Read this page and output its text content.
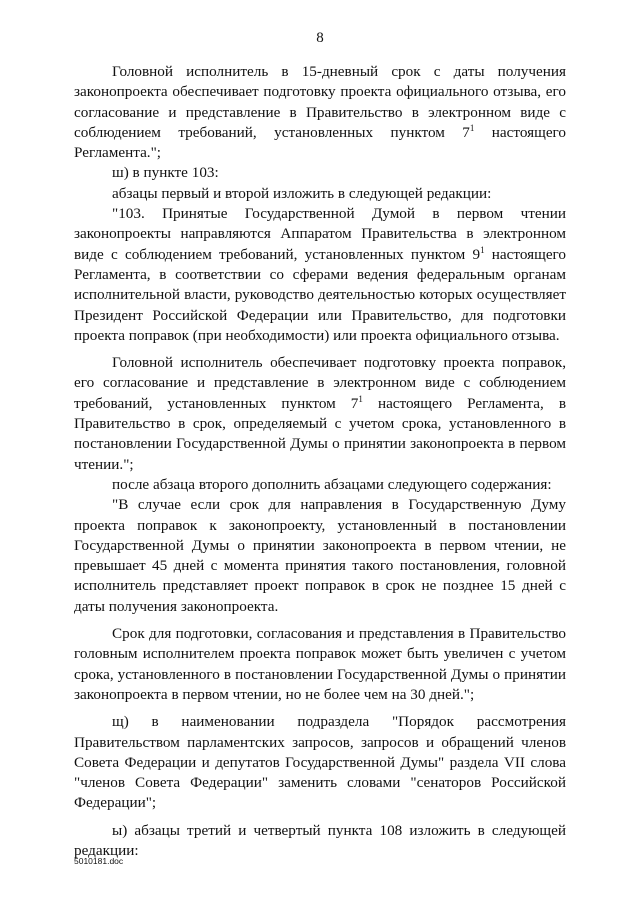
8

Головной исполнитель в 15-дневный срок с даты получения законопроекта обеспечивает подготовку проекта официального отзыва, его согласование и представление в Правительство в электронном виде с соблюдением требований, установленных пунктом $7^1$ настоящего Регламента.";

ш) в пункте 103:

абзацы первый и второй изложить в следующей редакции:

"103. Принятые Государственной Думой в первом чтении законопроекты направляются Аппаратом Правительства в электронном виде с соблюдением требований, установленных пунктом $9^1$ настоящего Регламента, в соответствии со сферами ведения федеральным органам исполнительной власти, руководство деятельностью которых осуществляет Президент Российской Федерации или Правительство, для подготовки проекта поправок (при необходимости) или проекта официального отзыва.

Головной исполнитель обеспечивает подготовку проекта поправок, его согласование и представление в электронном виде с соблюдением требований, установленных пунктом $7^1$ настоящего Регламента, в Правительство в срок, определяемый с учетом срока, установленного в постановлении Государственной Думы о принятии законопроекта в первом чтении.";

после абзаца второго дополнить абзацами следующего содержания:

"В случае если срок для направления в Государственную Думу проекта поправок к законопроекту, установленный в постановлении Государственной Думы о принятии законопроекта в первом чтении, не превышает 45 дней с момента принятия такого постановления, головной исполнитель представляет проект поправок в срок не позднее 15 дней с даты получения законопроекта.

Срок для подготовки, согласования и представления в Правительство головным исполнителем проекта поправок может быть увеличен с учетом срока, установленного в постановлении Государственной Думы о принятии законопроекта в первом чтении, но не более чем на 30 дней.";

щ) в наименовании подраздела "Порядок рассмотрения Правительством парламентских запросов, запросов и обращений членов Совета Федерации и депутатов Государственной Думы" раздела VII слова "членов Совета Федерации" заменить словами "сенаторов Российской Федерации";

ы) абзацы третий и четвертый пункта 108 изложить в следующей редакции:

5010181.doc
